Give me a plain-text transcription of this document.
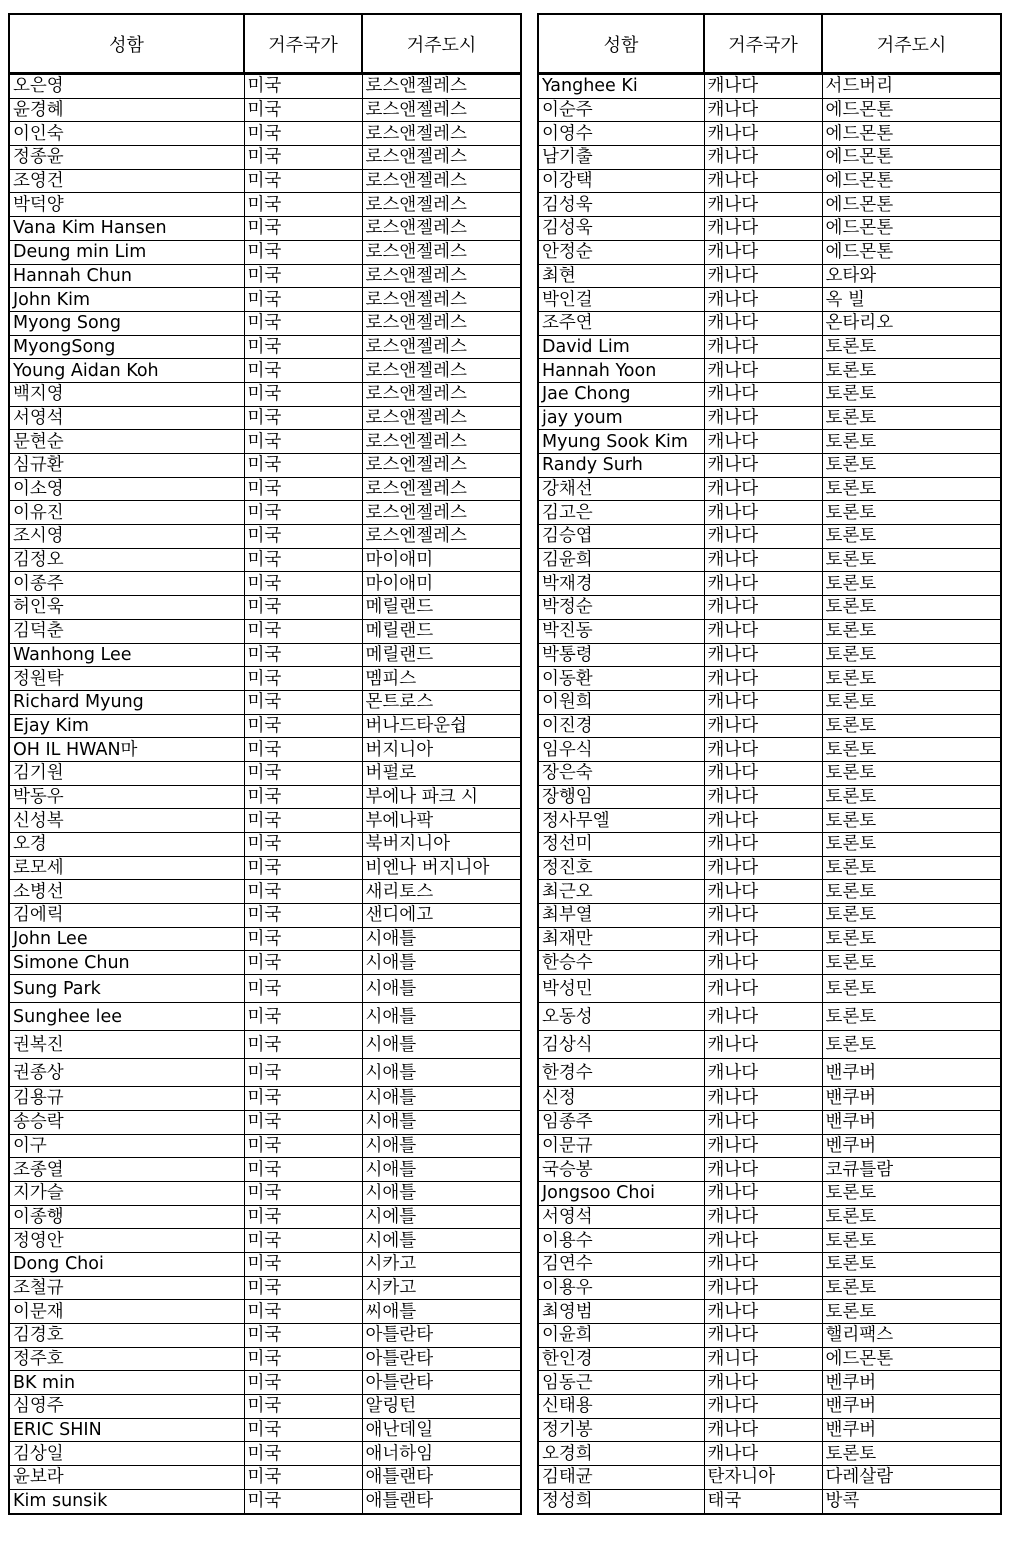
성함	거주국가	거주도시
오은영	미국	로스앤젤레스
윤경혜	미국	로스앤젤레스
이인숙	미국	로스앤젤레스
정종윤	미국	로스앤젤레스
조영건	미국	로스앤젤레스
박덕양	미국	로스앤젤레스
Vana Kim Hansen	미국	로스앤젤레스
Deung min Lim	미국	로스앤젤레스
Hannah Chun	미국	로스앤젤레스
John Kim	미국	로스앤젤레스
Myong Song	미국	로스앤젤레스
MyongSong	미국	로스앤젤레스
Young Aidan Koh	미국	로스앤젤레스
백지영	미국	로스앤젤레스
서영석	미국	로스앤젤레스
문현순	미국	로스엔젤레스
심규환	미국	로스엔젤레스
이소영	미국	로스엔젤레스
이유진	미국	로스엔젤레스
조시영	미국	로스엔젤레스
김정오	미국	마이애미
이종주	미국	마이애미
허인욱	미국	메릴랜드
김덕춘	미국	메릴랜드
Wanhong Lee	미국	메릴랜드
정원탁	미국	멤피스
Richard Myung	미국	몬트로스
Ejay Kim	미국	버나드타운쉽
OH IL HWAN마	미국	버지니아
김기원	미국	버펄로
박동우	미국	부에나 파크 시
신성복	미국	부에나팍
오경	미국	북버지니아
로모세	미국	비엔나 버지니아
소병선	미국	새리토스
김에릭	미국	샌디에고
John Lee	미국	시애틀
Simone Chun	미국	시애틀
Sung Park	미국	시애틀
Sunghee lee	미국	시애틀
권복진	미국	시애틀
권종상	미국	시애틀
김용규	미국	시애틀
송승락	미국	시애틀
이구	미국	시애틀
조종열	미국	시애틀
지가슬	미국	시애틀
이종행	미국	시에틀
정영안	미국	시에틀
Dong Choi	미국	시카고
조철규	미국	시카고
이문재	미국	씨애틀
김경호	미국	아틀란타
정주호	미국	아틀란타
BK min	미국	아틀란타
심영주	미국	알링턴
ERIC SHIN	미국	애난데일
김상일	미국	애너하임
윤보라	미국	애틀랜타
Kim sunsik	미국	애틀랜타
성함	거주국가	거주도시
Yanghee Ki	캐나다	서드버리
이순주	캐나다	에드몬톤
이영수	캐나다	에드몬톤
남기출	캐나다	에드몬톤
이강택	캐나다	에드몬톤
김성욱	캐나다	에드몬톤
김성욱	캐나다	에드몬톤
안정순	캐나다	에드몬톤
최현	캐나다	오타와
박인걸	캐나다	옥 빌
조주연	캐나다	온타리오
David Lim	캐나다	토론토
Hannah Yoon	캐나다	토론토
Jae Chong	캐나다	토론토
jay youm	캐나다	토론토
Myung Sook Kim	캐나다	토론토
Randy Surh	캐나다	토론토
강채선	캐나다	토론토
김고은	캐나다	토론토
김승엽	캐나다	토론토
김윤희	캐나다	토론토
박재경	캐나다	토론토
박정순	캐나다	토론토
박진동	캐나다	토론토
박통령	캐나다	토론토
이동환	캐나다	토론토
이원희	캐나다	토론토
이진경	캐나다	토론토
임우식	캐나다	토론토
장은숙	캐나다	토론토
장행임	캐나다	토론토
정사무엘	캐나다	토론토
정선미	캐나다	토론토
정진호	캐나다	토론토
최근오	캐나다	토론토
최부열	캐나다	토론토
최재만	캐나다	토론토
한승수	캐나다	토론토
박성민	캐나다	토론토
오동성	캐나다	토론토
김상식	캐나다	토론토
한경수	캐나다	밴쿠버
신정	캐나다	밴쿠버
임종주	캐나다	밴쿠버
이문규	캐나다	벤쿠버
국승봉	캐나다	코큐틀람
Jongsoo Choi	캐나다	토론토
서영석	캐나다	토론토
이용수	캐나다	토론토
김연수	캐나다	토론토
이용우	캐나다	토론토
최영범	캐나다	토론토
이윤희	캐나다	핼리팩스
한인경	캐니다	에드몬톤
임동근	캐나다	벤쿠버
신태용	캐나다	밴쿠버
정기봉	캐나다	밴쿠버
오경희	캐나다	토론토
김태균	탄자니아	다레살람
정성희	태국	방콕
